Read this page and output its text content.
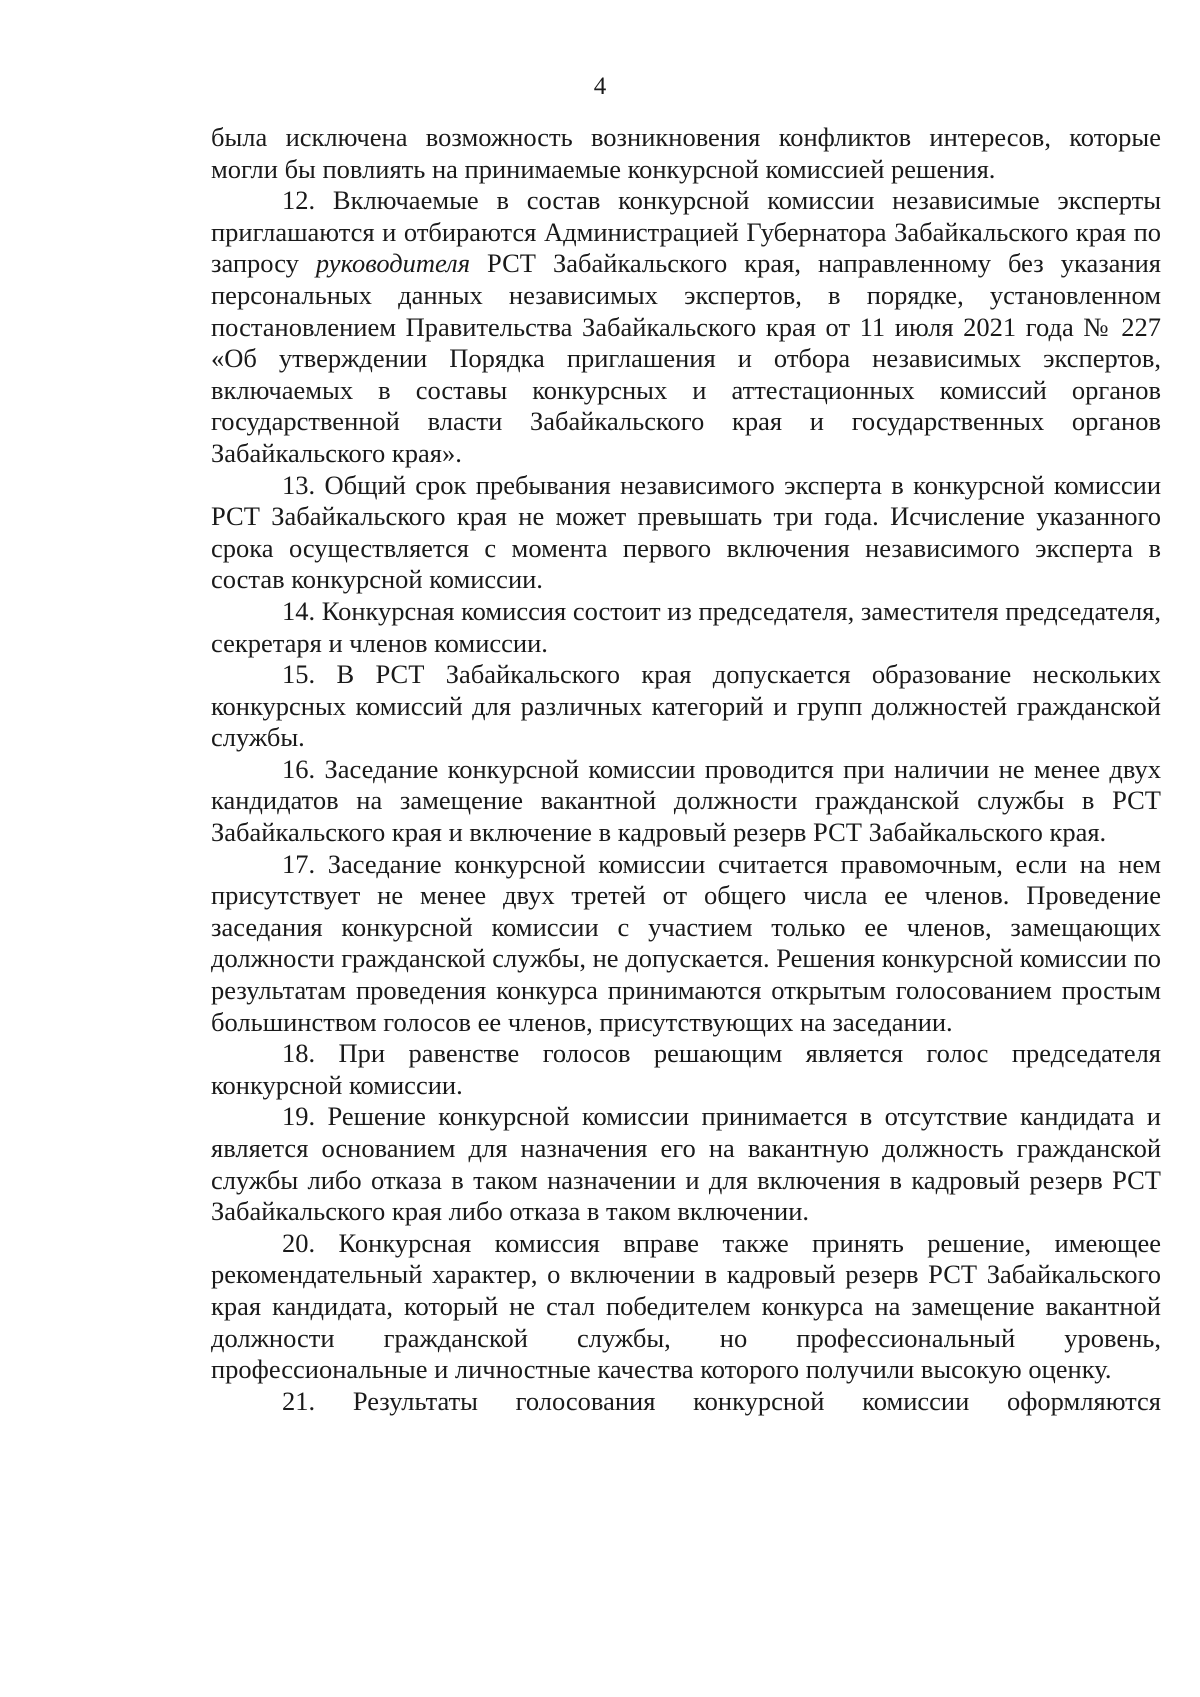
4

была исключена возможность возникновения конфликтов интересов, которые могли бы повлиять на принимаемые конкурсной комиссией решения.

12. Включаемые в состав конкурсной комиссии независимые эксперты приглашаются и отбираются Администрацией Губернатора Забайкальского края по запросу руководителя РСТ Забайкальского края, направленному без указания персональных данных независимых экспертов, в порядке, установленном постановлением Правительства Забайкальского края от 11 июля 2021 года № 227 «Об утверждении Порядка приглашения и отбора независимых экспертов, включаемых в составы конкурсных и аттестационных комиссий органов государственной власти Забайкальского края и государственных органов Забайкальского края».

13. Общий срок пребывания независимого эксперта в конкурсной комиссии РСТ Забайкальского края не может превышать три года. Исчисление указанного срока осуществляется с момента первого включения независимого эксперта в состав конкурсной комиссии.

14. Конкурсная комиссия состоит из председателя, заместителя председателя, секретаря и членов комиссии.

15. В РСТ Забайкальского края допускается образование нескольких конкурсных комиссий для различных категорий и групп должностей гражданской службы.

16. Заседание конкурсной комиссии проводится при наличии не менее двух кандидатов на замещение вакантной должности гражданской службы в РСТ Забайкальского края и включение в кадровый резерв РСТ Забайкальского края.

17. Заседание конкурсной комиссии считается правомочным, если на нем присутствует не менее двух третей от общего числа ее членов. Проведение заседания конкурсной комиссии с участием только ее членов, замещающих должности гражданской службы, не допускается. Решения конкурсной комиссии по результатам проведения конкурса принимаются открытым голосованием простым большинством голосов ее членов, присутствующих на заседании.

18. При равенстве голосов решающим является голос председателя конкурсной комиссии.

19. Решение конкурсной комиссии принимается в отсутствие кандидата и является основанием для назначения его на вакантную должность гражданской службы либо отказа в таком назначении и для включения в кадровый резерв РСТ Забайкальского края либо отказа в таком включении.

20. Конкурсная комиссия вправе также принять решение, имеющее рекомендательный характер, о включении в кадровый резерв РСТ Забайкальского края кандидата, который не стал победителем конкурса на замещение вакантной должности гражданской службы, но профессиональный уровень, профессиональные и личностные качества которого получили высокую оценку.

21. Результаты голосования конкурсной комиссии оформляются
